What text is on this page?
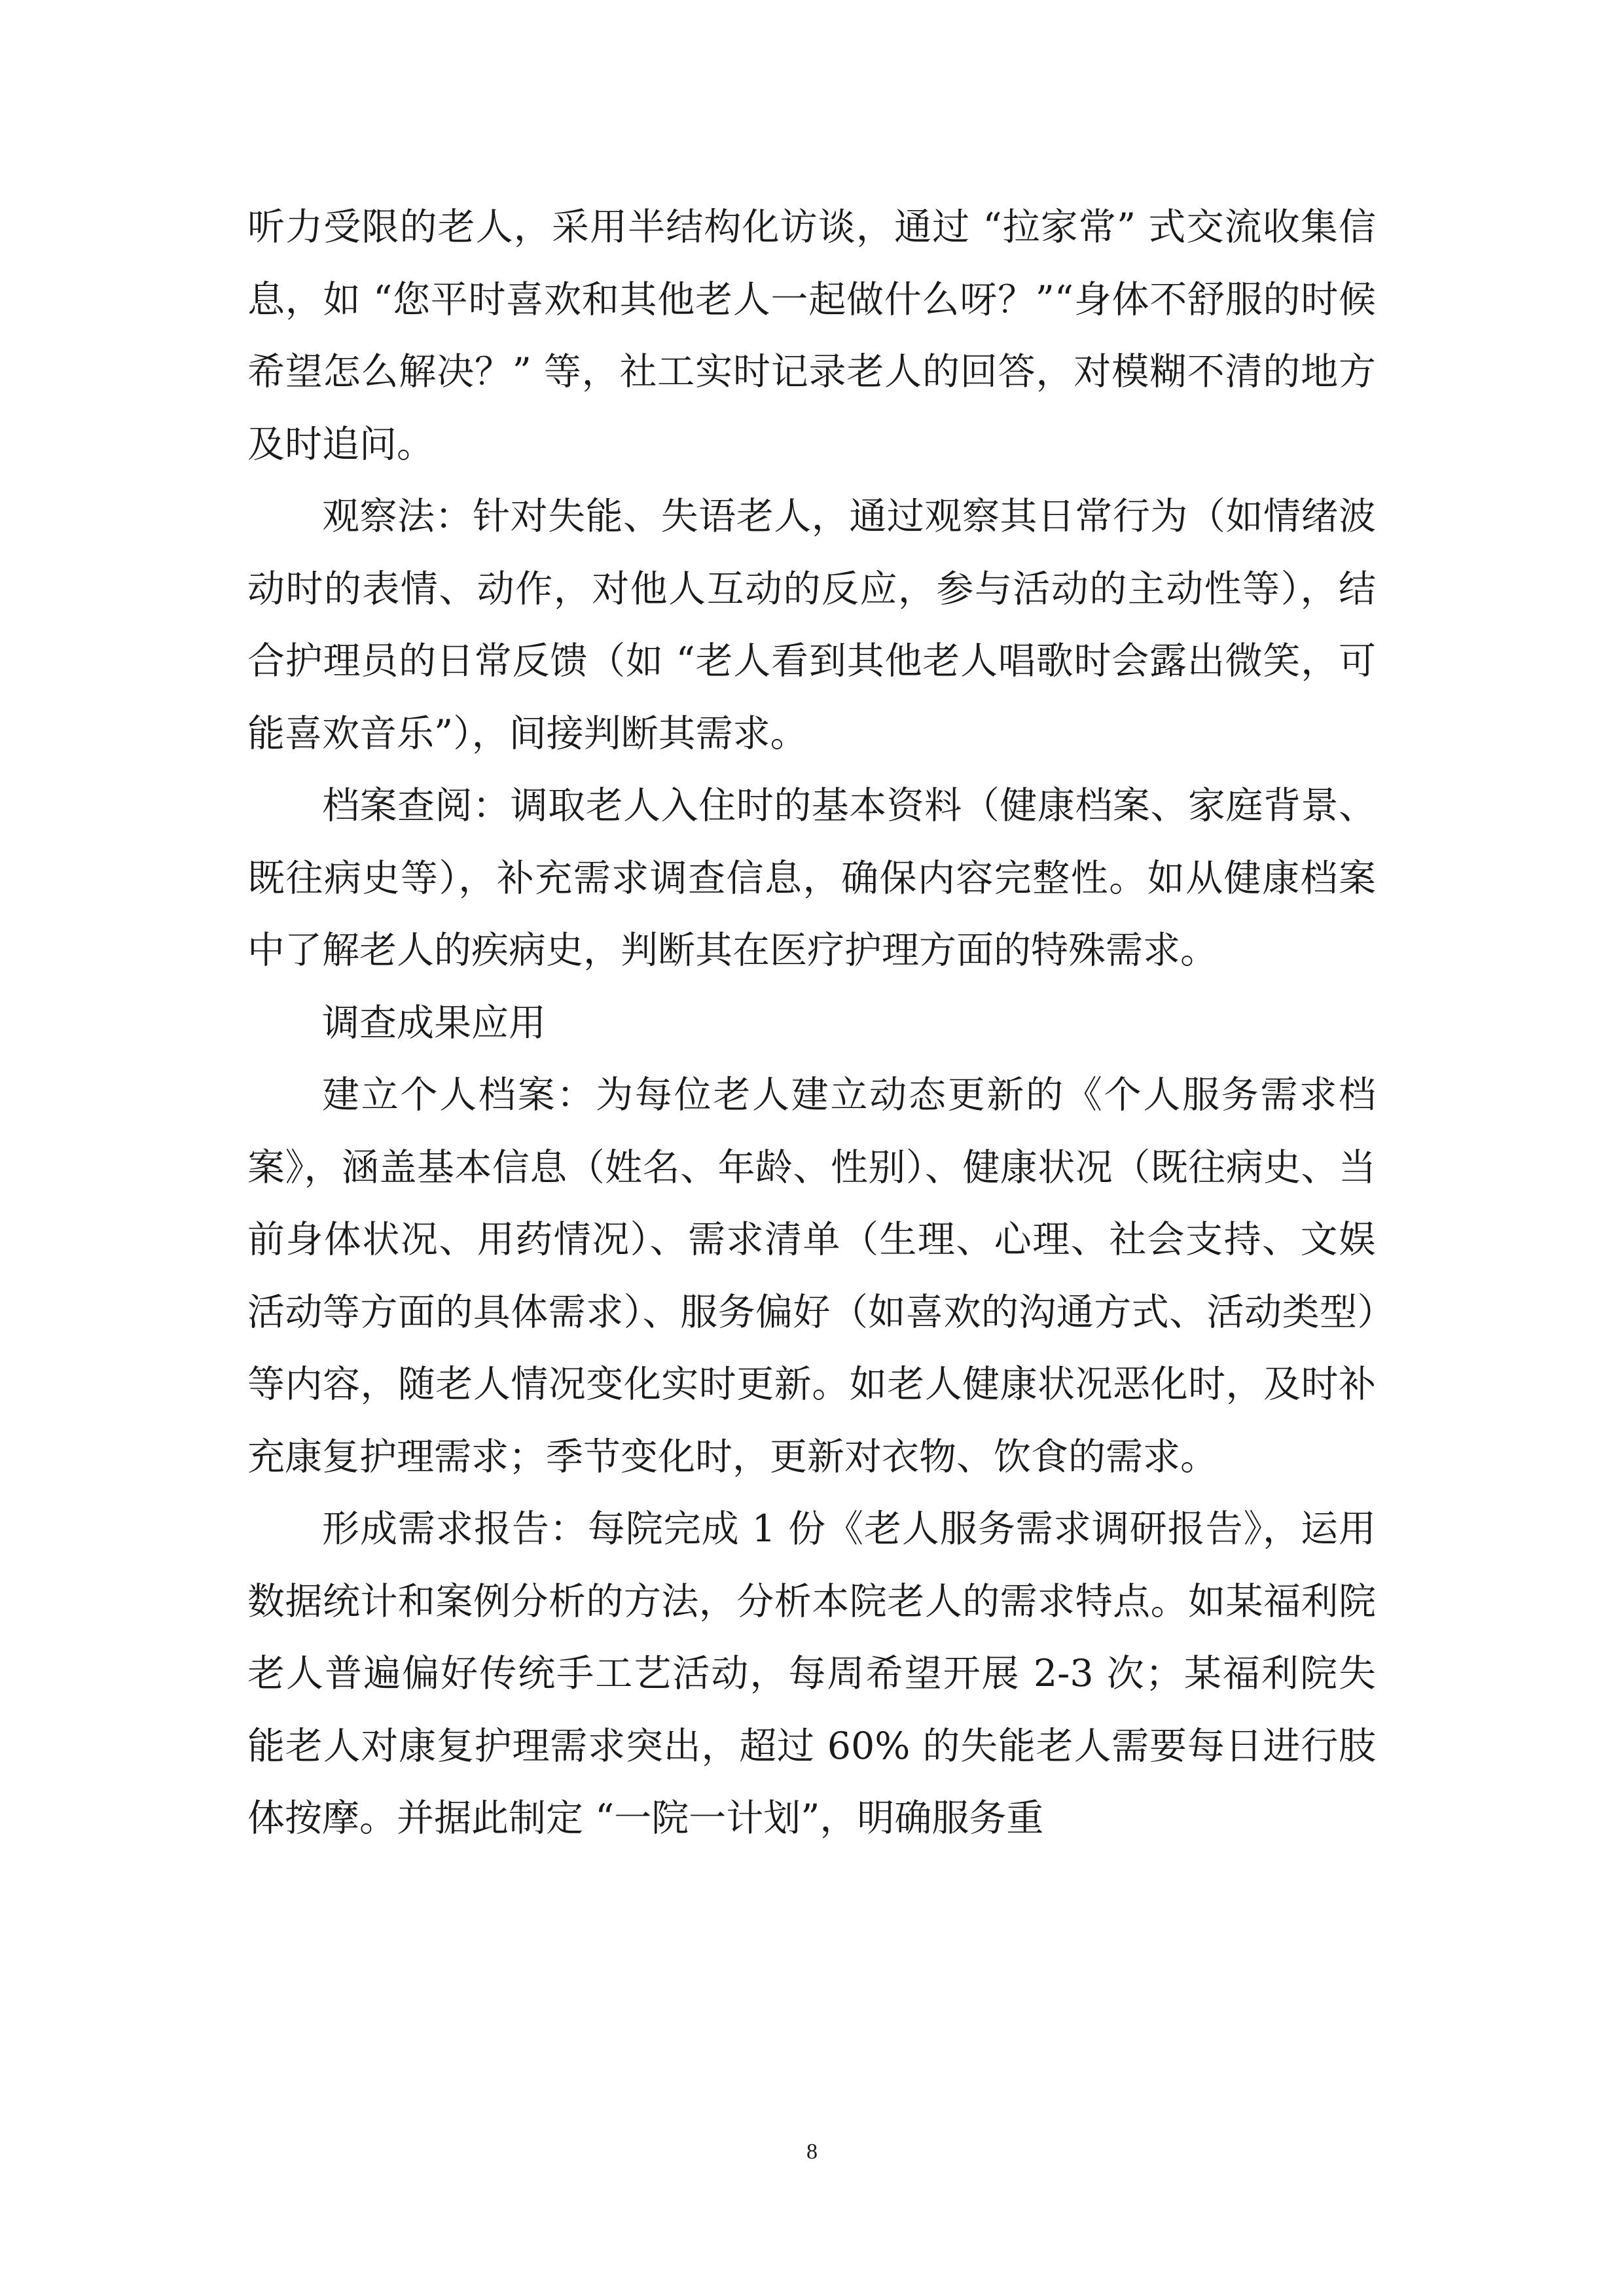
听力受限的老人，采用半结构化访谈，通过 “拉家常” 式交流收集信息，如 “您平时喜欢和其他老人一起做什么呀？”“身体不舒服的时候希望怎么解决？” 等，社工实时记录老人的回答，对模糊不清的地方及时追问。

观察法：针对失能、失语老人，通过观察其日常行为（如情绪波动时的表情、动作，对他人互动的反应，参与活动的主动性等），结合护理员的日常反馈（如 “老人看到其他老人唱歌时会露出微笑，可能喜欢音乐”），间接判断其需求。

档案查阅：调取老人入住时的基本资料（健康档案、家庭背景、既往病史等），补充需求调查信息，确保内容完整性。如从健康档案中了解老人的疾病史，判断其在医疗护理方面的特殊需求。

调查成果应用

建立个人档案：为每位老人建立动态更新的《个人服务需求档案》，涵盖基本信息（姓名、年龄、性别）、健康状况（既往病史、当前身体状况、用药情况）、需求清单（生理、心理、社会支持、文娱活动等方面的具体需求）、服务偏好（如喜欢的沟通方式、活动类型）等内容，随老人情况变化实时更新。如老人健康状况恶化时，及时补充康复护理需求；季节变化时，更新对衣物、饮食的需求。

形成需求报告：每院完成 1 份《老人服务需求调研报告》，运用数据统计和案例分析的方法，分析本院老人的需求特点。如某福利院老人普遍偏好传统手工艺活动，每周希望开展 2-3 次；某福利院失能老人对康复护理需求突出，超过 60% 的失能老人需要每日进行肢体按摩。并据此制定 “一院一计划”，明确服务重

8
